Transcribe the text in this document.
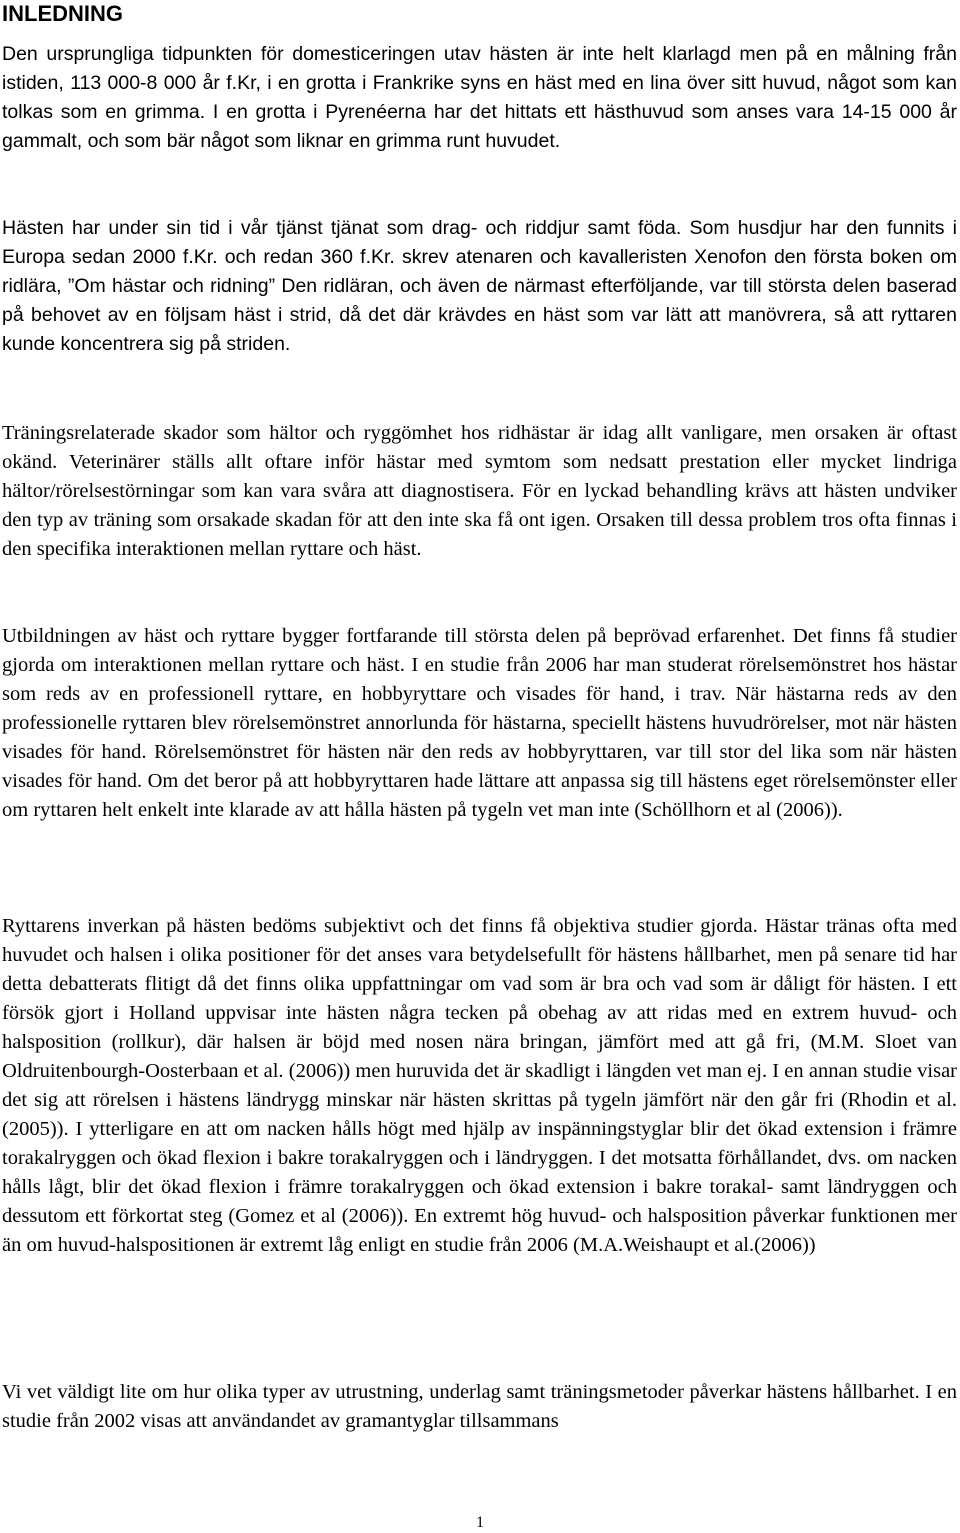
INLEDNING

Den ursprungliga tidpunkten för domesticeringen utav hästen är inte helt klarlagd men på en målning från istiden, 113 000-8 000 år f.Kr, i en grotta i Frankrike syns en häst med en lina över sitt huvud, något som kan tolkas som en grimma. I en grotta i Pyrenéerna har det hittats ett hästhuvud som anses vara 14-15 000 år gammalt, och som bär något som liknar en grimma runt huvudet.

Hästen har under sin tid i vår tjänst tjänat som drag- och riddjur samt föda. Som husdjur har den funnits i Europa sedan 2000 f.Kr. och redan 360 f.Kr. skrev atenaren och kavalleristen Xenofon den första boken om ridlära, ”Om hästar och ridning” Den ridläran, och även de närmast efterföljande, var till största delen baserad på behovet av en följsam häst i strid, då det där krävdes en häst som var lätt att manövrera, så att ryttaren kunde koncentrera sig på striden.

Träningsrelaterade skador som hältor och ryggömhet hos ridhästar är idag allt vanligare, men orsaken är oftast okänd. Veterinärer ställs allt oftare inför hästar med symtom som nedsatt prestation eller mycket lindriga hältor/rörelsestörningar som kan vara svåra att diagnostisera. För en lyckad behandling krävs att hästen undviker den typ av träning som orsakade skadan för att den inte ska få ont igen. Orsaken till dessa problem tros ofta finnas i den specifika interaktionen mellan ryttare och häst.

Utbildningen av häst och ryttare bygger fortfarande till största delen på beprövad erfarenhet. Det finns få studier gjorda om interaktionen mellan ryttare och häst. I en studie från 2006 har man studerat rörelsemönstret hos hästar som reds av en professionell ryttare, en hobbyryttare och visades för hand, i trav. När hästarna reds av den professionelle ryttaren blev rörelsemönstret annorlunda för hästarna, speciellt hästens huvudrörelser, mot när hästen visades för hand. Rörelsemönstret för hästen när den reds av hobbyryttaren, var till stor del lika som när hästen visades för hand. Om det beror på att hobbyryttaren hade lättare att anpassa sig till hästens eget rörelsemönster eller om ryttaren helt enkelt inte klarade av att hålla hästen på tygeln vet man inte (Schöllhorn et al (2006)).

Ryttarens inverkan på hästen bedöms subjektivt och det finns få objektiva studier gjorda. Hästar tränas ofta med huvudet och halsen i olika positioner för det anses vara betydelsefullt för hästens hållbarhet, men på senare tid har detta debatterats flitigt då det finns olika uppfattningar om vad som är bra och vad som är dåligt för hästen. I ett försök gjort i Holland uppvisar inte hästen några tecken på obehag av att ridas med en extrem huvud- och halsposition (rollkur), där halsen är böjd med nosen nära bringan, jämfört med att gå fri, (M.M. Sloet van Oldruitenbourgh-Oosterbaan et al. (2006)) men huruvida det är skadligt i längden vet man ej. I en annan studie visar det sig att rörelsen i hästens ländrygg minskar när hästen skrittas på tygeln jämfört när den går fri (Rhodin et al. (2005)). I ytterligare en att om nacken hålls högt med hjälp av inspänningstyglar blir det ökad extension i främre torakalryggen och ökad flexion i bakre torakalryggen och i ländryggen. I det motsatta förhållandet, dvs. om nacken hålls lågt, blir det ökad flexion i främre torakalryggen och ökad extension i bakre torakal- samt ländryggen och dessutom ett förkortat steg (Gomez et al (2006)). En extremt hög huvud- och halsposition påverkar funktionen mer än om huvud-halspositionen är extremt låg enligt en studie från 2006 (M.A.Weishaupt et al.(2006))

Vi vet väldigt lite om hur olika typer av utrustning, underlag samt träningsmetoder påverkar hästens hållbarhet. I en studie från 2002 visas att användandet av gramantyglar tillsammans

1
